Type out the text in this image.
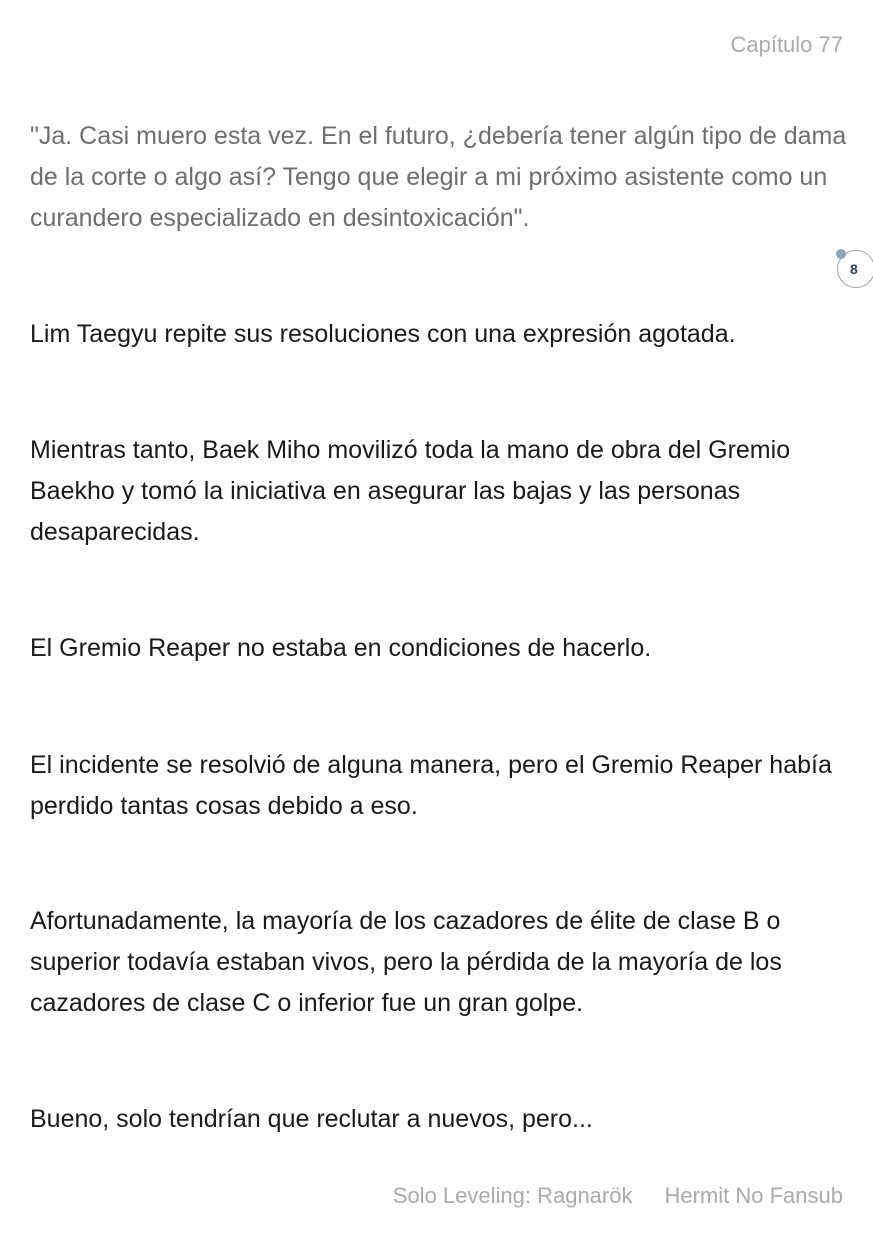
Capítulo 77

"Ja. Casi muero esta vez. En el futuro, ¿debería tener algún tipo de dama de la corte o algo así? Tengo que elegir a mi próximo asistente como un curandero especializado en desintoxicación".

8

Lim Taegyu repite sus resoluciones con una expresión agotada.

Mientras tanto, Baek Miho movilizó toda la mano de obra del Gremio Baekho y tomó la iniciativa en asegurar las bajas y las personas desaparecidas.

El Gremio Reaper no estaba en condiciones de hacerlo.

El incidente se resolvió de alguna manera, pero el Gremio Reaper había perdido tantas cosas debido a eso.

Afortunadamente, la mayoría de los cazadores de élite de clase B o superior todavía estaban vivos, pero la pérdida de la mayoría de los cazadores de clase C o inferior fue un gran golpe.

Bueno, solo tendrían que reclutar a nuevos, pero...

Solo Leveling: Ragnarök Hermit No Fansub
